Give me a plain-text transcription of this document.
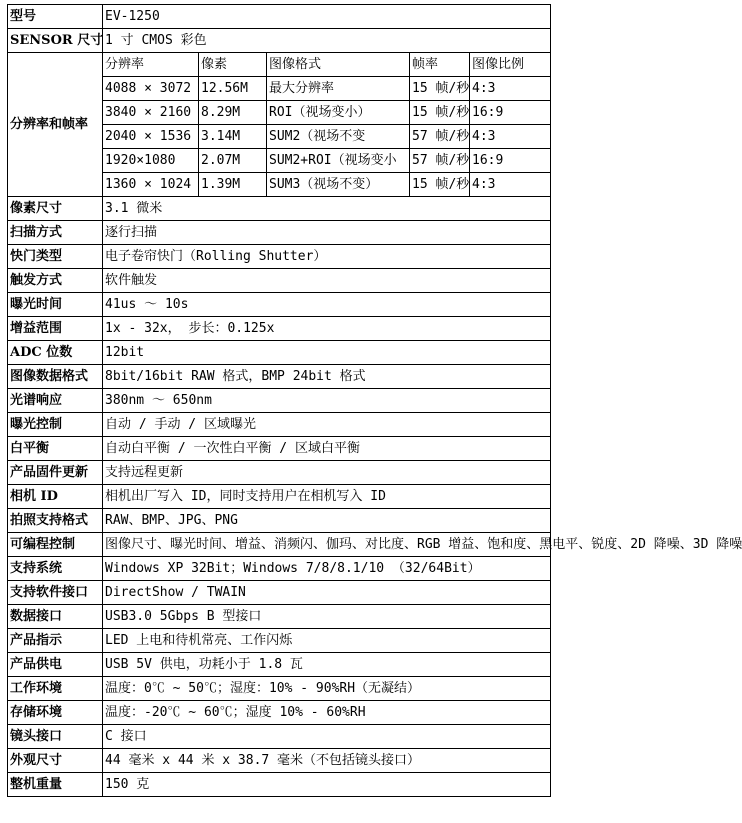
型号	EV-1250				
SENSOR 尺寸	1 寸 CMOS 彩色				
分辨率和帧率	分辨率	像素	图像格式	帧率	图像比例
	4088 × 3072	12.56M	最大分辨率	15 帧/秒	4:3
	3840 × 2160	8.29M	ROI（视场变小）	15 帧/秒	16:9
	2040 × 1536	3.14M	SUM2（视场不变	57 帧/秒	4:3
	1920×1080	2.07M	SUM2+ROI（视场变小	57 帧/秒	16:9
	1360 × 1024	1.39M	SUM3（视场不变）	15 帧/秒	4:3
像素尺寸	3.1 微米				
扫描方式	逐行扫描				
快门类型	电子卷帘快门（Rolling Shutter）				
触发方式	软件触发				
曝光时间	41us ～ 10s				
增益范围	1x - 32x， 步长：0.125x				
ADC 位数	12bit				
图像数据格式	8bit/16bit RAW 格式，BMP 24bit 格式				
光谱响应	380nm ～ 650nm				
曝光控制	自动 / 手动 / 区域曝光				
白平衡	自动白平衡 / 一次性白平衡 / 区域白平衡				
产品固件更新	支持远程更新				
相机 ID	相机出厂写入 ID，同时支持用户在相机写入 ID				
拍照支持格式	RAW、BMP、JPG、PNG				
可编程控制	图像尺寸、曝光时间、增益、消频闪、伽玛、对比度、RGB 增益、饱和度、黑电平、锐度、2D 降噪、3D 降噪				
支持系统	Windows XP 32Bit；Windows 7/8/8.1/10 （32/64Bit）				
支持软件接口	DirectShow / TWAIN				
数据接口	USB3.0 5Gbps B 型接口				
产品指示	LED 上电和待机常亮、工作闪烁				
产品供电	USB 5V 供电，功耗小于 1.8 瓦				
工作环境	温度：0℃ ~ 50℃；湿度：10% - 90%RH（无凝结）				
存储环境	温度：-20℃ ~ 60℃；湿度 10% - 60%RH				
镜头接口	C 接口				
外观尺寸	44 毫米 x 44 米 x 38.7 毫米（不包括镜头接口）				
整机重量	150 克				
